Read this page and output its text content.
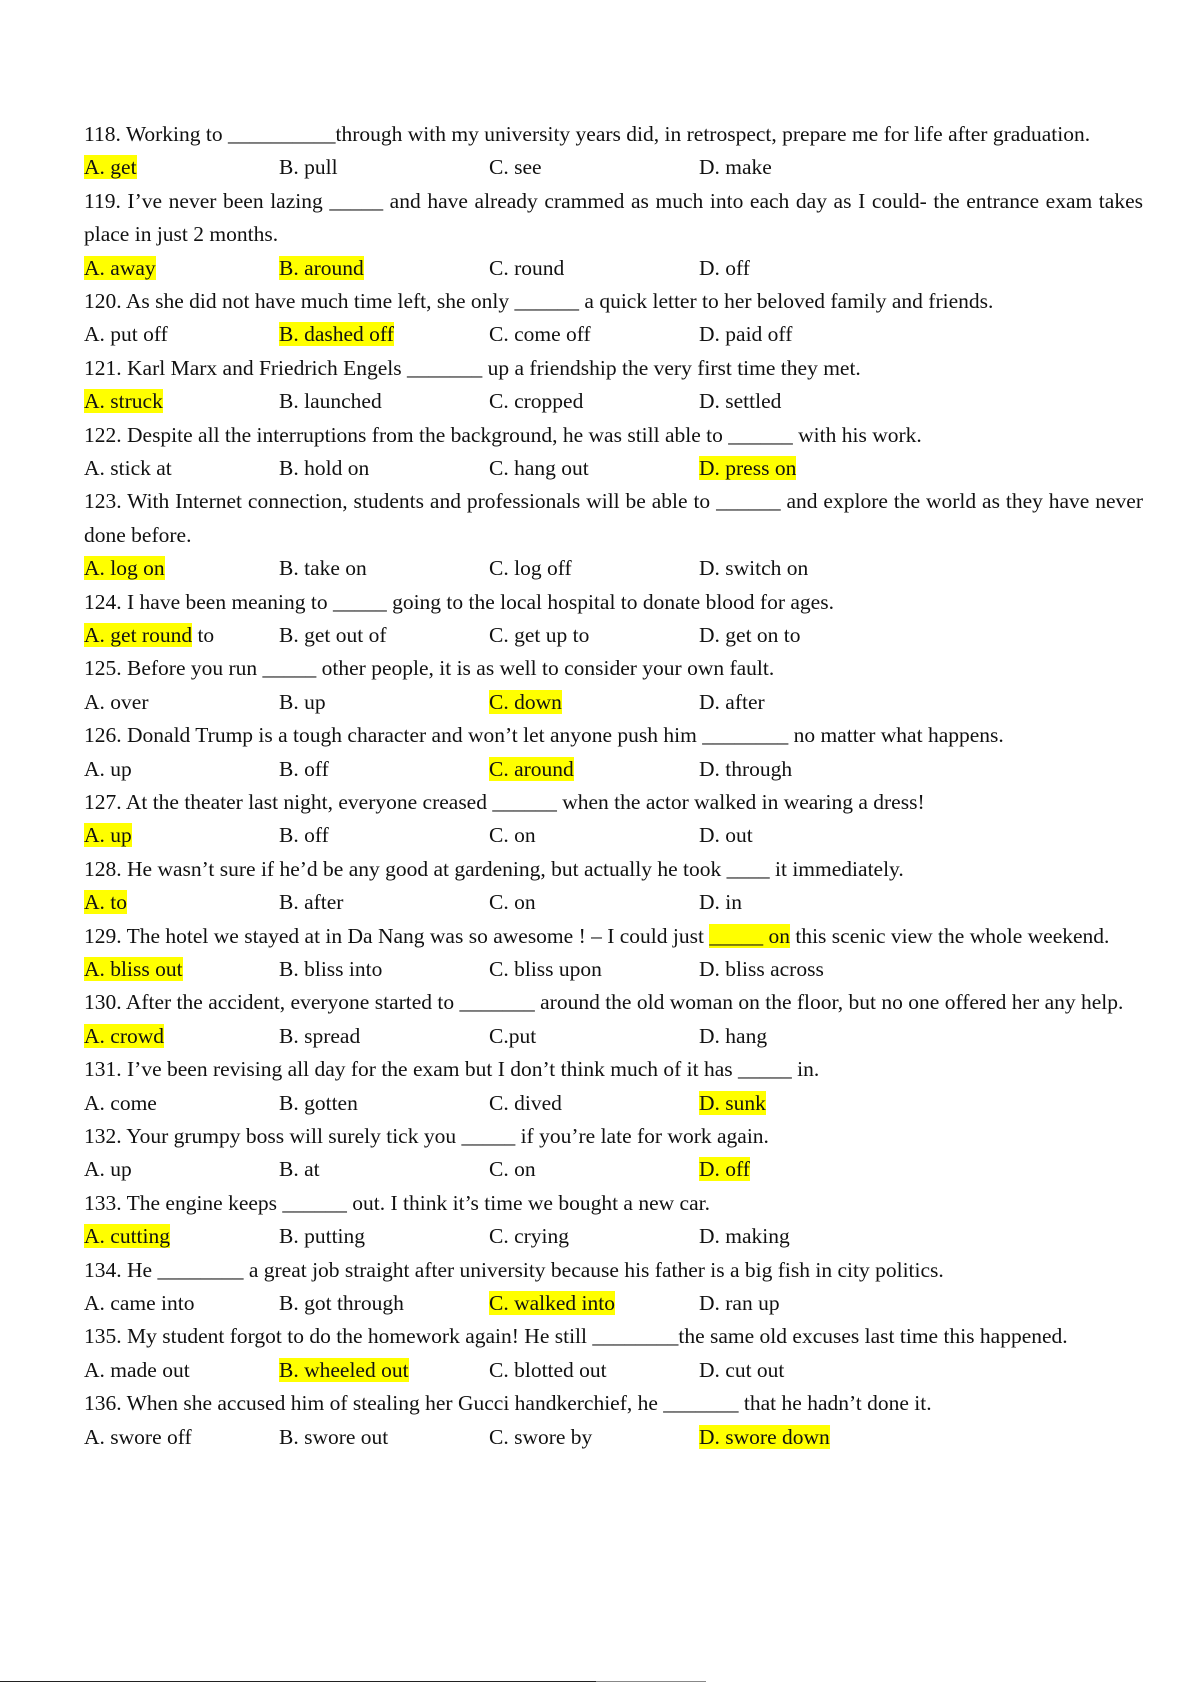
118. Working to __________through with my university years did, in retrospect, prepare me for life after graduation.
A. get	B. pull	C. see	D. make
119. I’ve never been lazing _____ and have already crammed as much into each day as I could- the entrance exam takes place in just 2 months.
A. away	B. around	C. round	D. off
120. As she did not have much time left, she only ______ a quick letter to her beloved family and friends.
A. put off	B. dashed off	C. come off	D. paid off
121. Karl Marx and Friedrich Engels _______ up a friendship the very first time they met.
A. struck	B. launched	C. cropped	D. settled
122. Despite all the interruptions from the background, he was still able to ______ with his work.
A. stick at	B. hold on	C. hang out	D. press on
123. With Internet connection, students and professionals will be able to ______ and explore the world as they have never done before.
A. log on	B. take on	C. log off	D. switch on
124. I have been meaning to _____ going to the local hospital to donate blood for ages.
A. get round to	B. get out of	C. get up to	D. get on to
125. Before you run _____ other people, it is as well to consider your own fault.
A. over	B. up	C. down	D. after
126. Donald Trump is a tough character and won’t let anyone push him ________ no matter what happens.
A. up	B. off	C. around	D. through
127. At the theater last night, everyone creased ______ when the actor walked in wearing a dress!
A. up	B. off	C. on	D. out
128. He wasn’t sure if he’d be any good at gardening, but actually he took ____ it immediately.
A. to	B. after	C. on	D. in
129. The hotel we stayed at in Da Nang was so awesome ! – I could just _____ on this scenic view the whole weekend.
A. bliss out	B. bliss into	C. bliss upon	D. bliss across
130. After the accident, everyone started to _______ around the old woman on the floor, but no one offered her any help.
A. crowd	B. spread	C.put	D. hang
131. I’ve been revising all day for the exam but I don’t think much of it has _____ in.
A. come	B. gotten	C. dived	D. sunk
132. Your grumpy boss will surely tick you _____ if you’re late for work again.
A. up	B. at	C. on	D. off
133. The engine keeps ______ out. I think it’s time we bought a new car.
A. cutting	B. putting	C. crying	D. making
134. He ________ a great job straight after university because his father is a big fish in city politics.
A. came into	B. got through	C. walked into	D. ran up
135. My student forgot to do the homework again! He still ________the same old excuses last time this happened.
A. made out	B. wheeled out	C. blotted out	D. cut out
136. When she accused him of stealing her Gucci handkerchief, he _______ that he hadn’t done it.
A. swore off	B. swore out	C. swore by	D. swore down
